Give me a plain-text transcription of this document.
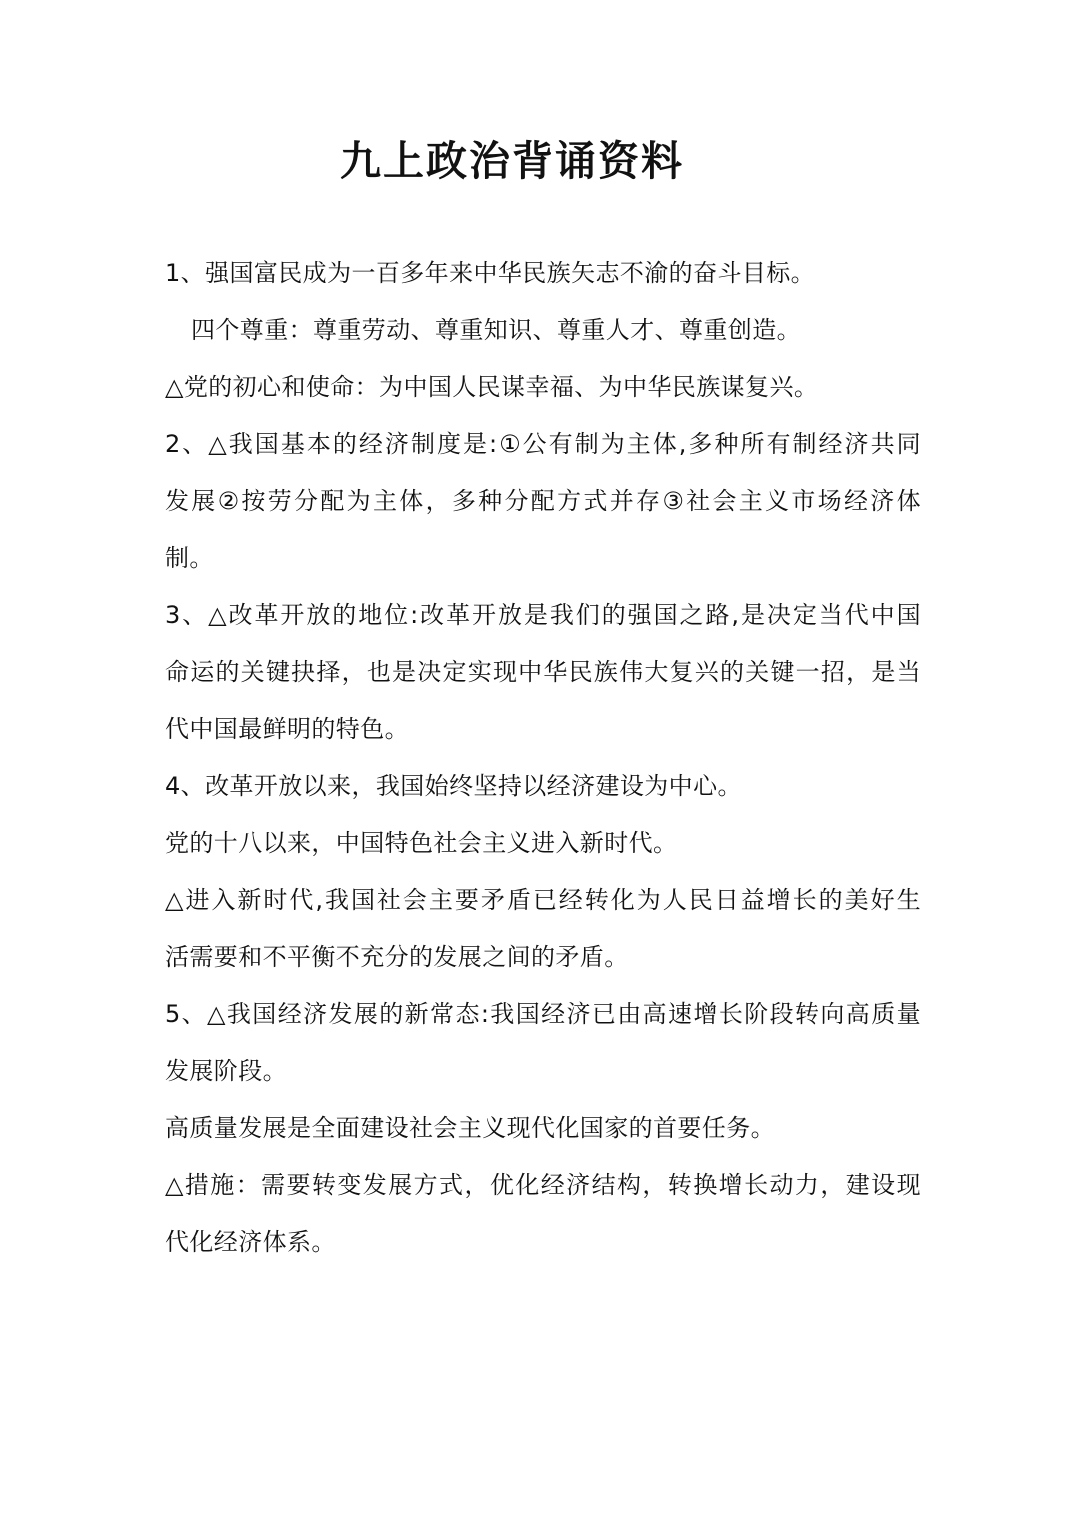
九上政治背诵资料

1、强国富民成为一百多年来中华民族矢志不渝的奋斗目标。

四个尊重：尊重劳动、尊重知识、尊重人才、尊重创造。

△党的初心和使命：为中国人民谋幸福、为中华民族谋复兴。

2、△我国基本的经济制度是:①公有制为主体,多种所有制经济共同

发展②按劳分配为主体，多种分配方式并存③社会主义市场经济体

制。

3、△改革开放的地位:改革开放是我们的强国之路,是决定当代中国

命运的关键抉择，也是决定实现中华民族伟大复兴的关键一招，是当

代中国最鲜明的特色。

4、改革开放以来，我国始终坚持以经济建设为中心。

党的十八以来，中国特色社会主义进入新时代。

△进入新时代,我国社会主要矛盾已经转化为人民日益增长的美好生

活需要和不平衡不充分的发展之间的矛盾。

5、△我国经济发展的新常态:我国经济已由高速增长阶段转向高质量

发展阶段。

高质量发展是全面建设社会主义现代化国家的首要任务。

△措施：需要转变发展方式，优化经济结构，转换增长动力，建设现

代化经济体系。
